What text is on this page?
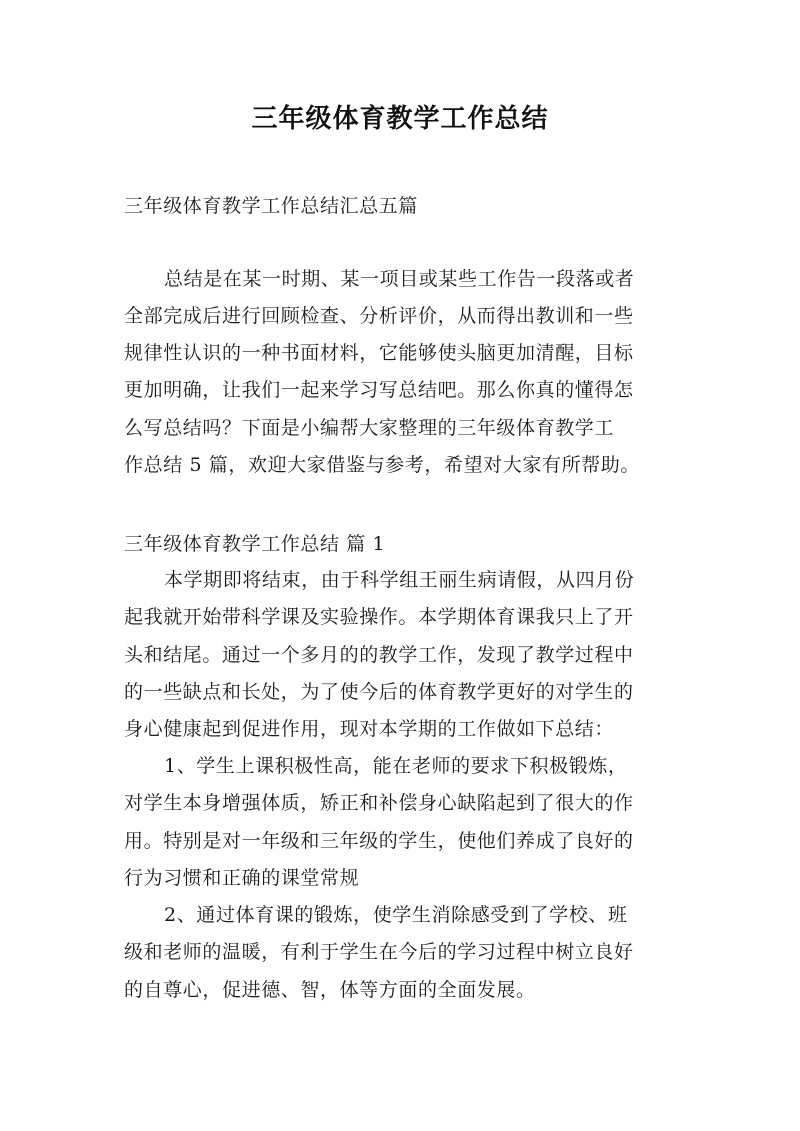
三年级体育教学工作总结
三年级体育教学工作总结汇总五篇
总结是在某一时期、某一项目或某些工作告一段落或者
全部完成后进行回顾检查、分析评价，从而得出教训和一些
规律性认识的一种书面材料，它能够使头脑更加清醒，目标
更加明确，让我们一起来学习写总结吧。那么你真的懂得怎
么写总结吗？下面是小编帮大家整理的三年级体育教学工
作总结 5 篇，欢迎大家借鉴与参考，希望对大家有所帮助。
三年级体育教学工作总结 篇 1
本学期即将结束，由于科学组王丽生病请假，从四月份
起我就开始带科学课及实验操作。本学期体育课我只上了开
头和结尾。通过一个多月的的教学工作，发现了教学过程中
的一些缺点和长处，为了使今后的体育教学更好的对学生的
身心健康起到促进作用，现对本学期的工作做如下总结：
1、学生上课积极性高，能在老师的要求下积极锻炼，
对学生本身增强体质，矫正和补偿身心缺陷起到了很大的作
用。特别是对一年级和三年级的学生，使他们养成了良好的
行为习惯和正确的课堂常规
2、通过体育课的锻炼，使学生消除感受到了学校、班
级和老师的温暖，有利于学生在今后的学习过程中树立良好
的自尊心，促进德、智，体等方面的全面发展。
